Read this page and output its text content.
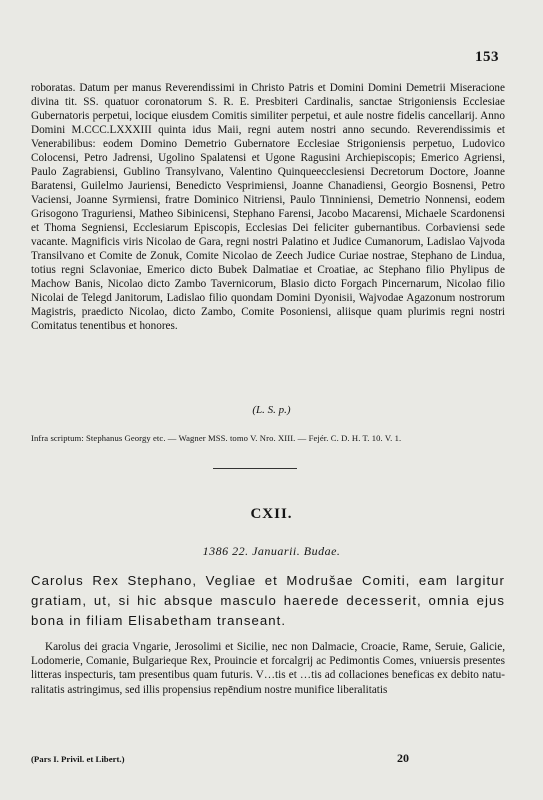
153

roboratas. Datum per manus Reverendissimi in Christo Patris et Domini Domini Demetrii Miseracione divina tit. SS. quatuor coronatorum S. R. E. Presbiteri Cardinalis, sanctae Strigoniensis Ecclesiae Gubernatoris perpetui, locique eiusdem Comitis similiter perpetui, et aule nostre fidelis cancellarij. Anno Domini M.CCC.LXXXIII quinta idus Maii, regni autem nostri anno secundo. Reverendissimis et Venerabilibus: eodem Domino Demetrio Gubernatore Ecclesiae Strigoniensis perpetuo, Ludovico Colocensi, Petro Jadrensi, Ugolino Spalatensi et Ugone Ragusini Archiepiscopis; Emerico Agriensi, Paulo Zagrabiensi, Gublino Transylvano, Valentino Quinqueecclesiensi Decretorum Doctore, Joanne Baratensi, Guilelmo Jauriensi, Benedicto Vesprimiensi, Joanne Chanadiensi, Georgio Bosnensi, Petro Vaciensi, Joanne Syrmiensi, fratre Dominico Nitriensi, Paulo Tinniniensi, Demetrio Nonnensi, eodem Grisogono Traguriensi, Matheo Sibinicensi, Stephano Farensi, Jacobo Macarensi, Michaele Scardonensi et Thoma Segniensi, Ecclesiarum Episcopis, Ecclesias Dei feliciter gubernantibus. Corbaviensi sede vacante. Magnificis viris Nicolao de Gara, regni nostri Palatino et Judice Cumanorum, Ladislao Vajvoda Transilvano et Comite de Zonuk, Comite Nicolao de Zeech Judice Curiae nostrae, Stephano de Lindua, totius regni Sclavoniae, Emerico dicto Bubek Dalmatiae et Croatiae, ac Stephano filio Phylipus de Machow Banis, Nicolao dicto Zambo Tavernicorum, Blasio dicto Forgach Pincernarum, Nicolao filio Nicolai de Telegd Janitorum, Ladislao filio quondam Domini Dyonisii, Wajvodae Agazonum nostrorum Magistris, praedicto Nicolao, dicto Zambo, Comite Posoniensi, aliisque quam plurimis regni nostri Comitatus tenentibus et honores.

(L. S. p.)
Infra scriptum: Stephanus Georgy etc. — Wagner MSS. tomo V. Nro. XIII. — Fejér. C. D. H. T. 10. V. 1.
CXII.
1386 22. Januarii. Budae.
Carolus Rex Stephano, Vegliae et Modrušae Comiti, eam largitur gratiam, ut, si hic absque masculo haerede decesserit, omnia ejus bona in filiam Elisabetham transeant.

Karolus dei gracia Vngarie, Jerosolimi et Sicilie, nec non Dalmacie, Croacie, Rame, Seruie, Galicie, Lodomerie, Comanie, Bulgarieque Rex, Prouincie et forcalgrij ac Pedimontis Comes, vniuersis presentes litteras inspecturis, tam presentibus quam futuris. V…tis et …tis ad collaciones beneficas ex debito naturalitatis astringimus, sed illis propensius repēndium nostre munifice liberalitatis

(Pars I. Privil. et Libert.)	20
